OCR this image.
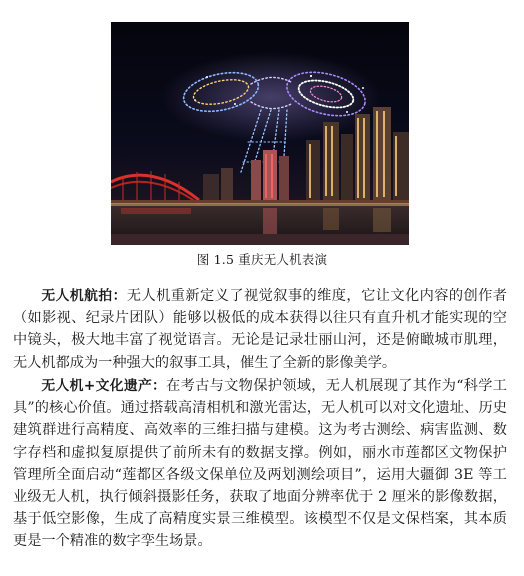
图 1.5 重庆无人机表演

无人机航拍：无人机重新定义了视觉叙事的维度，它让文化内容的创作者（如影视、纪录片团队）能够以极低的成本获得以往只有直升机才能实现的空中镜头，极大地丰富了视觉语言。无论是记录壮丽山河，还是俯瞰城市肌理，无人机都成为一种强大的叙事工具，催生了全新的影像美学。

无人机+文化遗产：在考古与文物保护领域，无人机展现了其作为“科学工具”的核心价值。通过搭载高清相机和激光雷达，无人机可以对文化遗址、历史建筑群进行高精度、高效率的三维扫描与建模。这为考古测绘、病害监测、数字存档和虚拟复原提供了前所未有的数据支撑。例如，丽水市莲都区文物保护管理所全面启动“莲都区各级文保单位及两划测绘项目”，运用大疆御 3E 等工业级无人机，执行倾斜摄影任务，获取了地面分辨率优于 2 厘米的影像数据，基于低空影像，生成了高精度实景三维模型。该模型不仅是文保档案，其本质更是一个精准的数字孪生场景。
